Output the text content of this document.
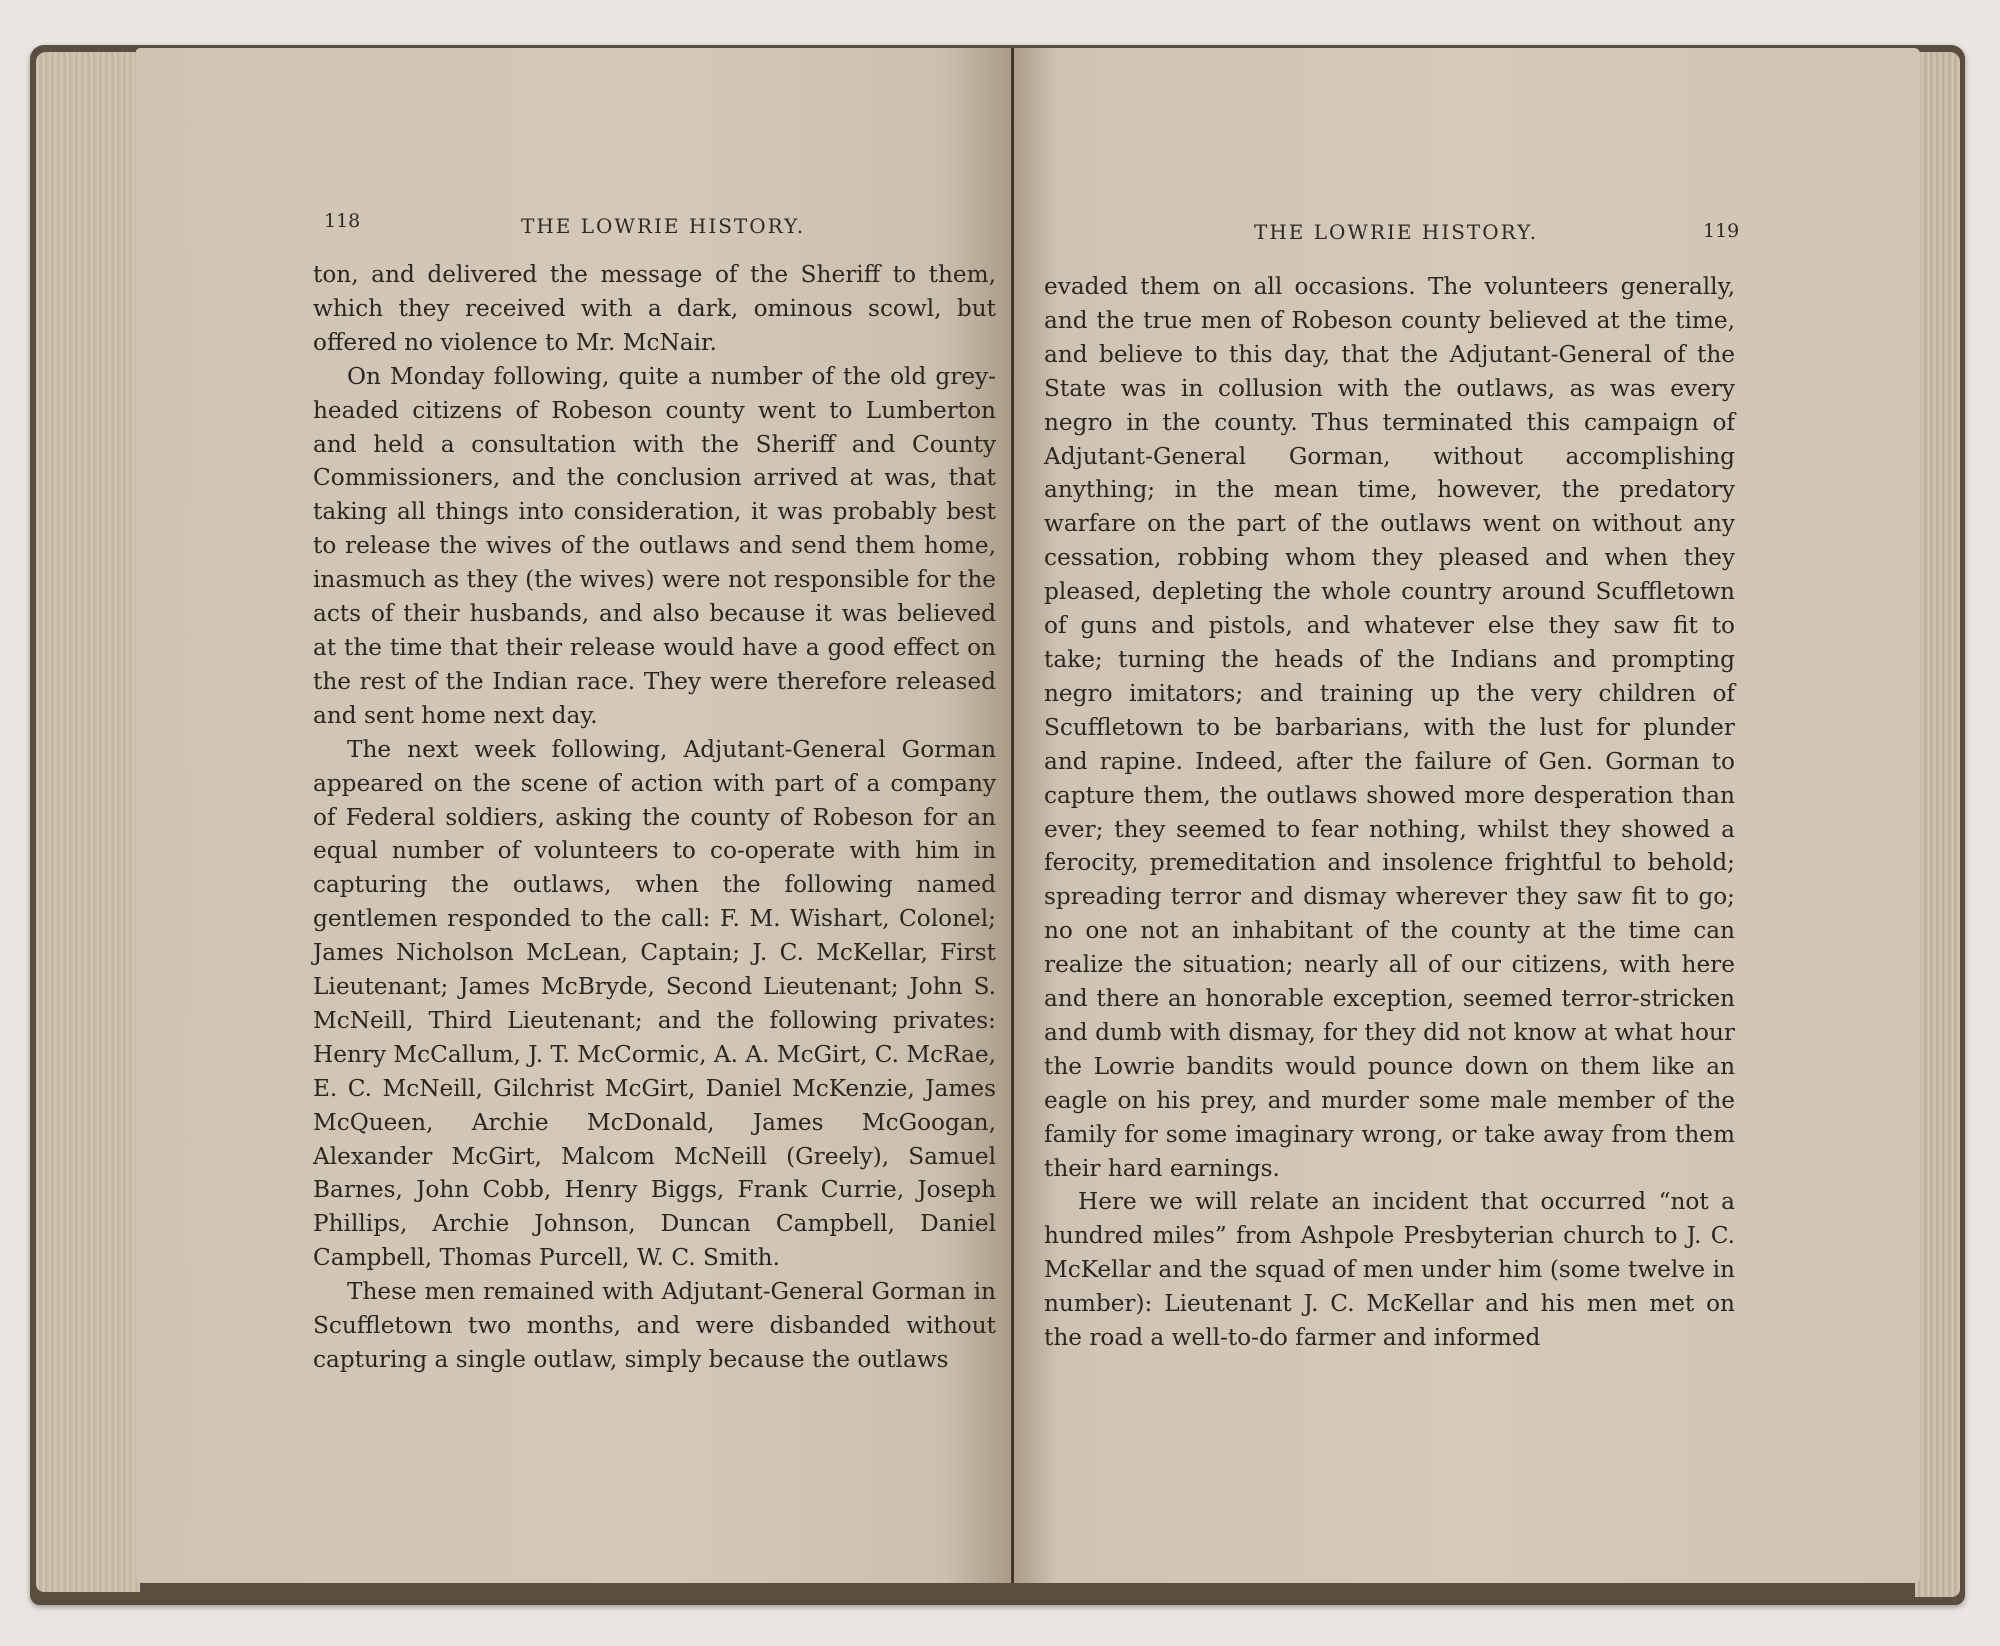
118	THE LOWRIE HISTORY.

ton, and delivered the message of the Sheriff to them, which they received with a dark, ominous scowl, but offered no violence to Mr. McNair.

On Monday following, quite a number of the old grey-headed citizens of Robeson county went to Lumberton and held a consultation with the Sheriff and County Commissioners, and the conclusion arrived at was, that taking all things into consideration, it was probably best to release the wives of the outlaws and send them home, inasmuch as they (the wives) were not responsible for the acts of their husbands, and also because it was believed at the time that their release would have a good effect on the rest of the Indian race. They were therefore released and sent home next day.

The next week following, Adjutant-General Gorman appeared on the scene of action with part of a company of Federal soldiers, asking the county of Robeson for an equal number of volunteers to co-operate with him in capturing the outlaws, when the following named gentlemen responded to the call: F. M. Wishart, Colonel; James Nicholson McLean, Captain; J. C. McKellar, First Lieutenant; James McBryde, Second Lieutenant; John S. McNeill, Third Lieutenant; and the following privates: Henry McCallum, J. T. McCormic, A. A. McGirt, C. McRae, E. C. McNeill, Gilchrist McGirt, Daniel McKenzie, James McQueen, Archie McDonald, James McGoogan, Alexander McGirt, Malcom McNeill (Greely), Samuel Barnes, John Cobb, Henry Biggs, Frank Currie, Joseph Phillips, Archie Johnson, Duncan Campbell, Daniel Campbell, Thomas Purcell, W. C. Smith.

These men remained with Adjutant-General Gorman in Scuffletown two months, and were disbanded without capturing a single outlaw, simply because the outlaws

THE LOWRIE HISTORY.	119

evaded them on all occasions. The volunteers generally, and the true men of Robeson county believed at the time, and believe to this day, that the Adjutant-General of the State was in collusion with the outlaws, as was every negro in the county. Thus terminated this campaign of Adjutant-General Gorman, without accomplishing anything; in the mean time, however, the predatory warfare on the part of the outlaws went on without any cessation, robbing whom they pleased and when they pleased, depleting the whole country around Scuffletown of guns and pistols, and whatever else they saw fit to take; turning the heads of the Indians and prompting negro imitators; and training up the very children of Scuffletown to be barbarians, with the lust for plunder and rapine. Indeed, after the failure of Gen. Gorman to capture them, the outlaws showed more desperation than ever; they seemed to fear nothing, whilst they showed a ferocity, premeditation and insolence frightful to behold; spreading terror and dismay wherever they saw fit to go; no one not an inhabitant of the county at the time can realize the situation; nearly all of our citizens, with here and there an honorable exception, seemed terror-stricken and dumb with dismay, for they did not know at what hour the Lowrie bandits would pounce down on them like an eagle on his prey, and murder some male member of the family for some imaginary wrong, or take away from them their hard earnings.

Here we will relate an incident that occurred “not a hundred miles” from Ashpole Presbyterian church to J. C. McKellar and the squad of men under him (some twelve in number): Lieutenant J. C. McKellar and his men met on the road a well-to-do farmer and informed
